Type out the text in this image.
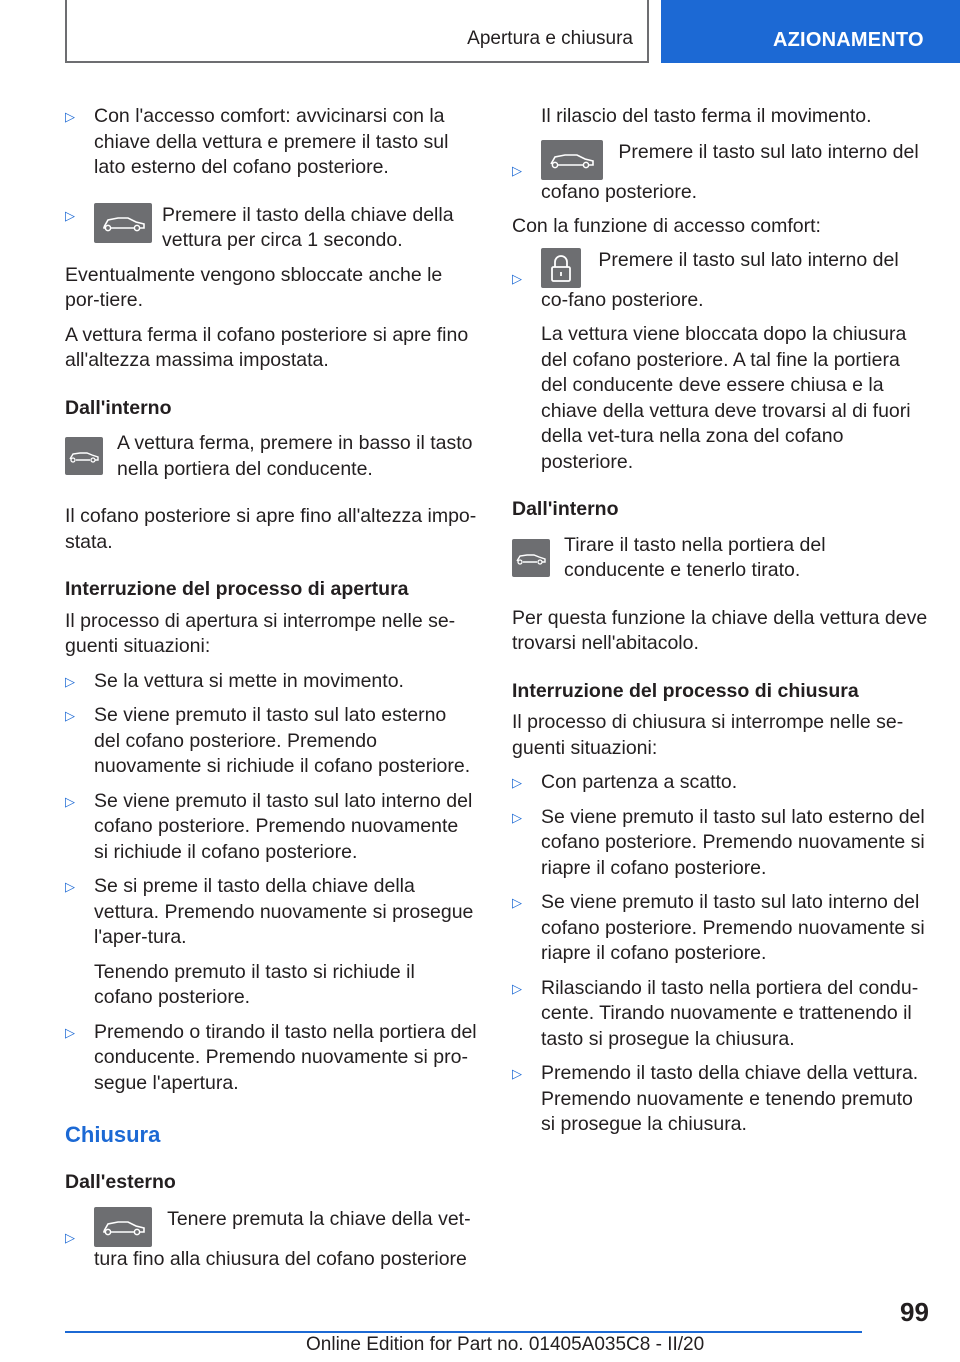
Apertura e chiusura	AZIONAMENTO
▷ Con l'accesso comfort: avvicinarsi con la chiave della vettura e premere il tasto sul lato esterno del cofano posteriore.
▷	Premere il tasto della chiave della vettura per circa 1 secondo.
Eventualmente vengono sbloccate anche le por-tiere.
A vettura ferma il cofano posteriore si apre fino all'altezza massima impostata.
Dall'interno
A vettura ferma, premere in basso il tasto nella portiera del conducente.
Il cofano posteriore si apre fino all'altezza impo-stata.
Interruzione del processo di apertura
Il processo di apertura si interrompe nelle se-guenti situazioni:
▷ Se la vettura si mette in movimento.
▷ Se viene premuto il tasto sul lato esterno del cofano posteriore. Premendo nuovamente si richiude il cofano posteriore.
▷ Se viene premuto il tasto sul lato interno del cofano posteriore. Premendo nuovamente si richiude il cofano posteriore.
▷ Se si preme il tasto della chiave della vettura. Premendo nuovamente si prosegue l'aper-tura.
Tenendo premuto il tasto si richiude il cofano posteriore.
▷ Premendo o tirando il tasto nella portiera del conducente. Premendo nuovamente si pro-segue l'apertura.
Chiusura
Dall'esterno
▷
Tenere premuta la chiave della vet-tura fino alla chiusura del cofano posteriore
Il rilascio del tasto ferma il movimento.
▷
Premere il tasto sul lato interno del cofano posteriore.
Con la funzione di accesso comfort:
▷
Premere il tasto sul lato interno del co-fano posteriore.
La vettura viene bloccata dopo la chiusura del cofano posteriore. A tal fine la portiera del conducente deve essere chiusa e la chiave della vettura deve trovarsi al di fuori della vet-tura nella zona del cofano posteriore.
Dall'interno
Tirare il tasto nella portiera del conducente e tenerlo tirato.
Per questa funzione la chiave della vettura deve trovarsi nell'abitacolo.
Interruzione del processo di chiusura
Il processo di chiusura si interrompe nelle se-guenti situazioni:
▷ Con partenza a scatto.
▷ Se viene premuto il tasto sul lato esterno del cofano posteriore. Premendo nuovamente si riapre il cofano posteriore.
▷ Se viene premuto il tasto sul lato interno del cofano posteriore. Premendo nuovamente si riapre il cofano posteriore.
▷ Rilasciando il tasto nella portiera del condu-cente. Tirando nuovamente e trattenendo il tasto si prosegue la chiusura.
▷ Premendo il tasto della chiave della vettura. Premendo nuovamente e tenendo premuto si prosegue la chiusura.
99
Online Edition for Part no. 01405A035C8 - II/20
